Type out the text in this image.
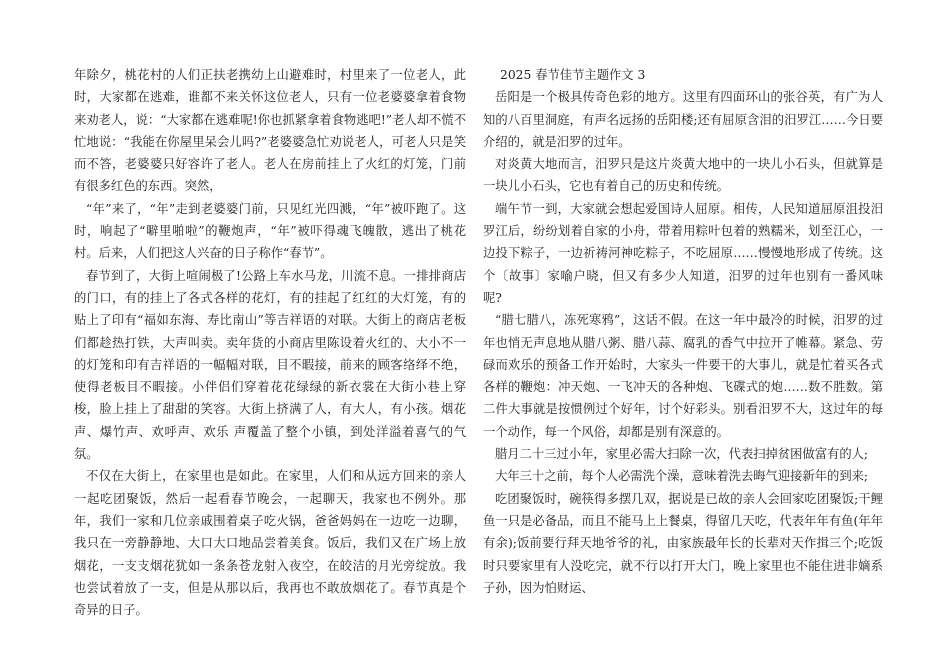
年除夕，桃花村的人们正扶老携幼上山避难时，村里来了一位老人，此时，大家都在逃难，谁都不来关怀这位老人，只有一位老婆婆拿着食物来劝老人，说：“大家都在逃难呢!你也抓紧拿着食物逃吧!”老人却不慌不忙地说：“我能在你屋里呆会儿吗?”老婆婆急忙劝说老人，可老人只是笑而不答，老婆婆只好容许了老人。老人在房前挂上了火红的灯笼，门前有很多红色的东西。突然，

“年”来了，“年”走到老婆婆门前，只见红光四溅，“年”被吓跑了。这时，响起了“噼里啪啦”的鞭炮声，“年”被吓得魂飞魄散，逃出了桃花村。后来，人们把这人兴奋的日子称作“春节”。

春节到了，大街上喧闹极了!公路上车水马龙，川流不息。一排排商店的门口，有的挂上了各式各样的花灯，有的挂起了红红的大灯笼，有的贴上了印有“福如东海、寿比南山”等吉祥语的对联。大街上的商店老板们都趁热打铁，大声叫卖。卖年货的小商店里陈设着火红的、大小不一的灯笼和印有吉祥语的一幅幅对联，目不暇接，前来的顾客络绎不绝，使得老板目不暇接。小伴侣们穿着花花绿绿的新衣裳在大街小巷上穿梭，脸上挂上了甜甜的笑容。大街上挤满了人，有大人，有小孩。烟花声、爆竹声、欢呼声、欢乐 声覆盖了整个小镇，到处洋溢着喜气的气氛。

不仅在大街上，在家里也是如此。在家里，人们和从远方回来的亲人一起吃团聚饭，然后一起看春节晚会，一起聊天，我家也不例外。那年，我们一家和几位亲戚围着桌子吃火锅，爸爸妈妈在一边吃一边聊，我只在一旁静静地、大口大口地品尝着美食。饭后，我们又在广场上放烟花，一支支烟花犹如一条条苍龙射入夜空，在皎洁的月光旁绽放。我也尝试着放了一支，但是从那以后，我再也不敢放烟花了。春节真是个奇异的日子。

2025 春节佳节主题作文 3

岳阳是一个极具传奇色彩的地方。这里有四面环山的张谷英，有广为人知的八百里洞庭，有声名远扬的岳阳楼;还有屈原含泪的汨罗江……今日要介绍的，就是汨罗的过年。

对炎黄大地而言，汨罗只是这片炎黄大地中的一块儿小石头，但就算是一块儿小石头，它也有着自己的历史和传统。

端午节一到，大家就会想起爱国诗人屈原。相传，人民知道屈原沮投汨罗江后，纷纷划着自家的小舟，带着用粽叶包着的熟糯米，划至江心，一边投下粽子，一边祈祷河神吃粽子，不吃屈原……慢慢地形成了传统。这个〔故事〕家喻户晓，但又有多少人知道，汨罗的过年也别有一番风味呢?

“腊七腊八，冻死寒鸦”，这话不假。在这一年中最冷的时候，汨罗的过年也悄无声息地从腊八粥、腊八蒜、腐乳的香气中拉开了帷幕。紧急、劳碌而欢乐的预备工作开始时，大家头一件要干的大事儿，就是忙着买各式各样的鞭炮：冲天炮、一飞冲天的各种炮、飞碟式的炮……数不胜数。第二件大事就是按惯例过个好年，讨个好彩头。别看汨罗不大，这过年的每一个动作，每一个风俗，却都是别有深意的。

腊月二十三过小年，家里必需大扫除一次，代表扫掉贫困做富有的人;

大年三十之前，每个人必需洗个澡，意味着洗去晦气迎接新年的到来;

吃团聚饭时，碗筷得多摆几双，据说是已故的亲人会回家吃团聚饭;干鲤鱼一只是必备品，而且不能马上上餐桌，得留几天吃，代表年年有鱼(年年有余);饭前要行拜天地爷爷的礼，由家族最年长的长辈对天作揖三个;吃饭时只要家里有人没吃完，就不行以打开大门，晚上家里也不能住进非嫡系子孙，因为怕财运、
